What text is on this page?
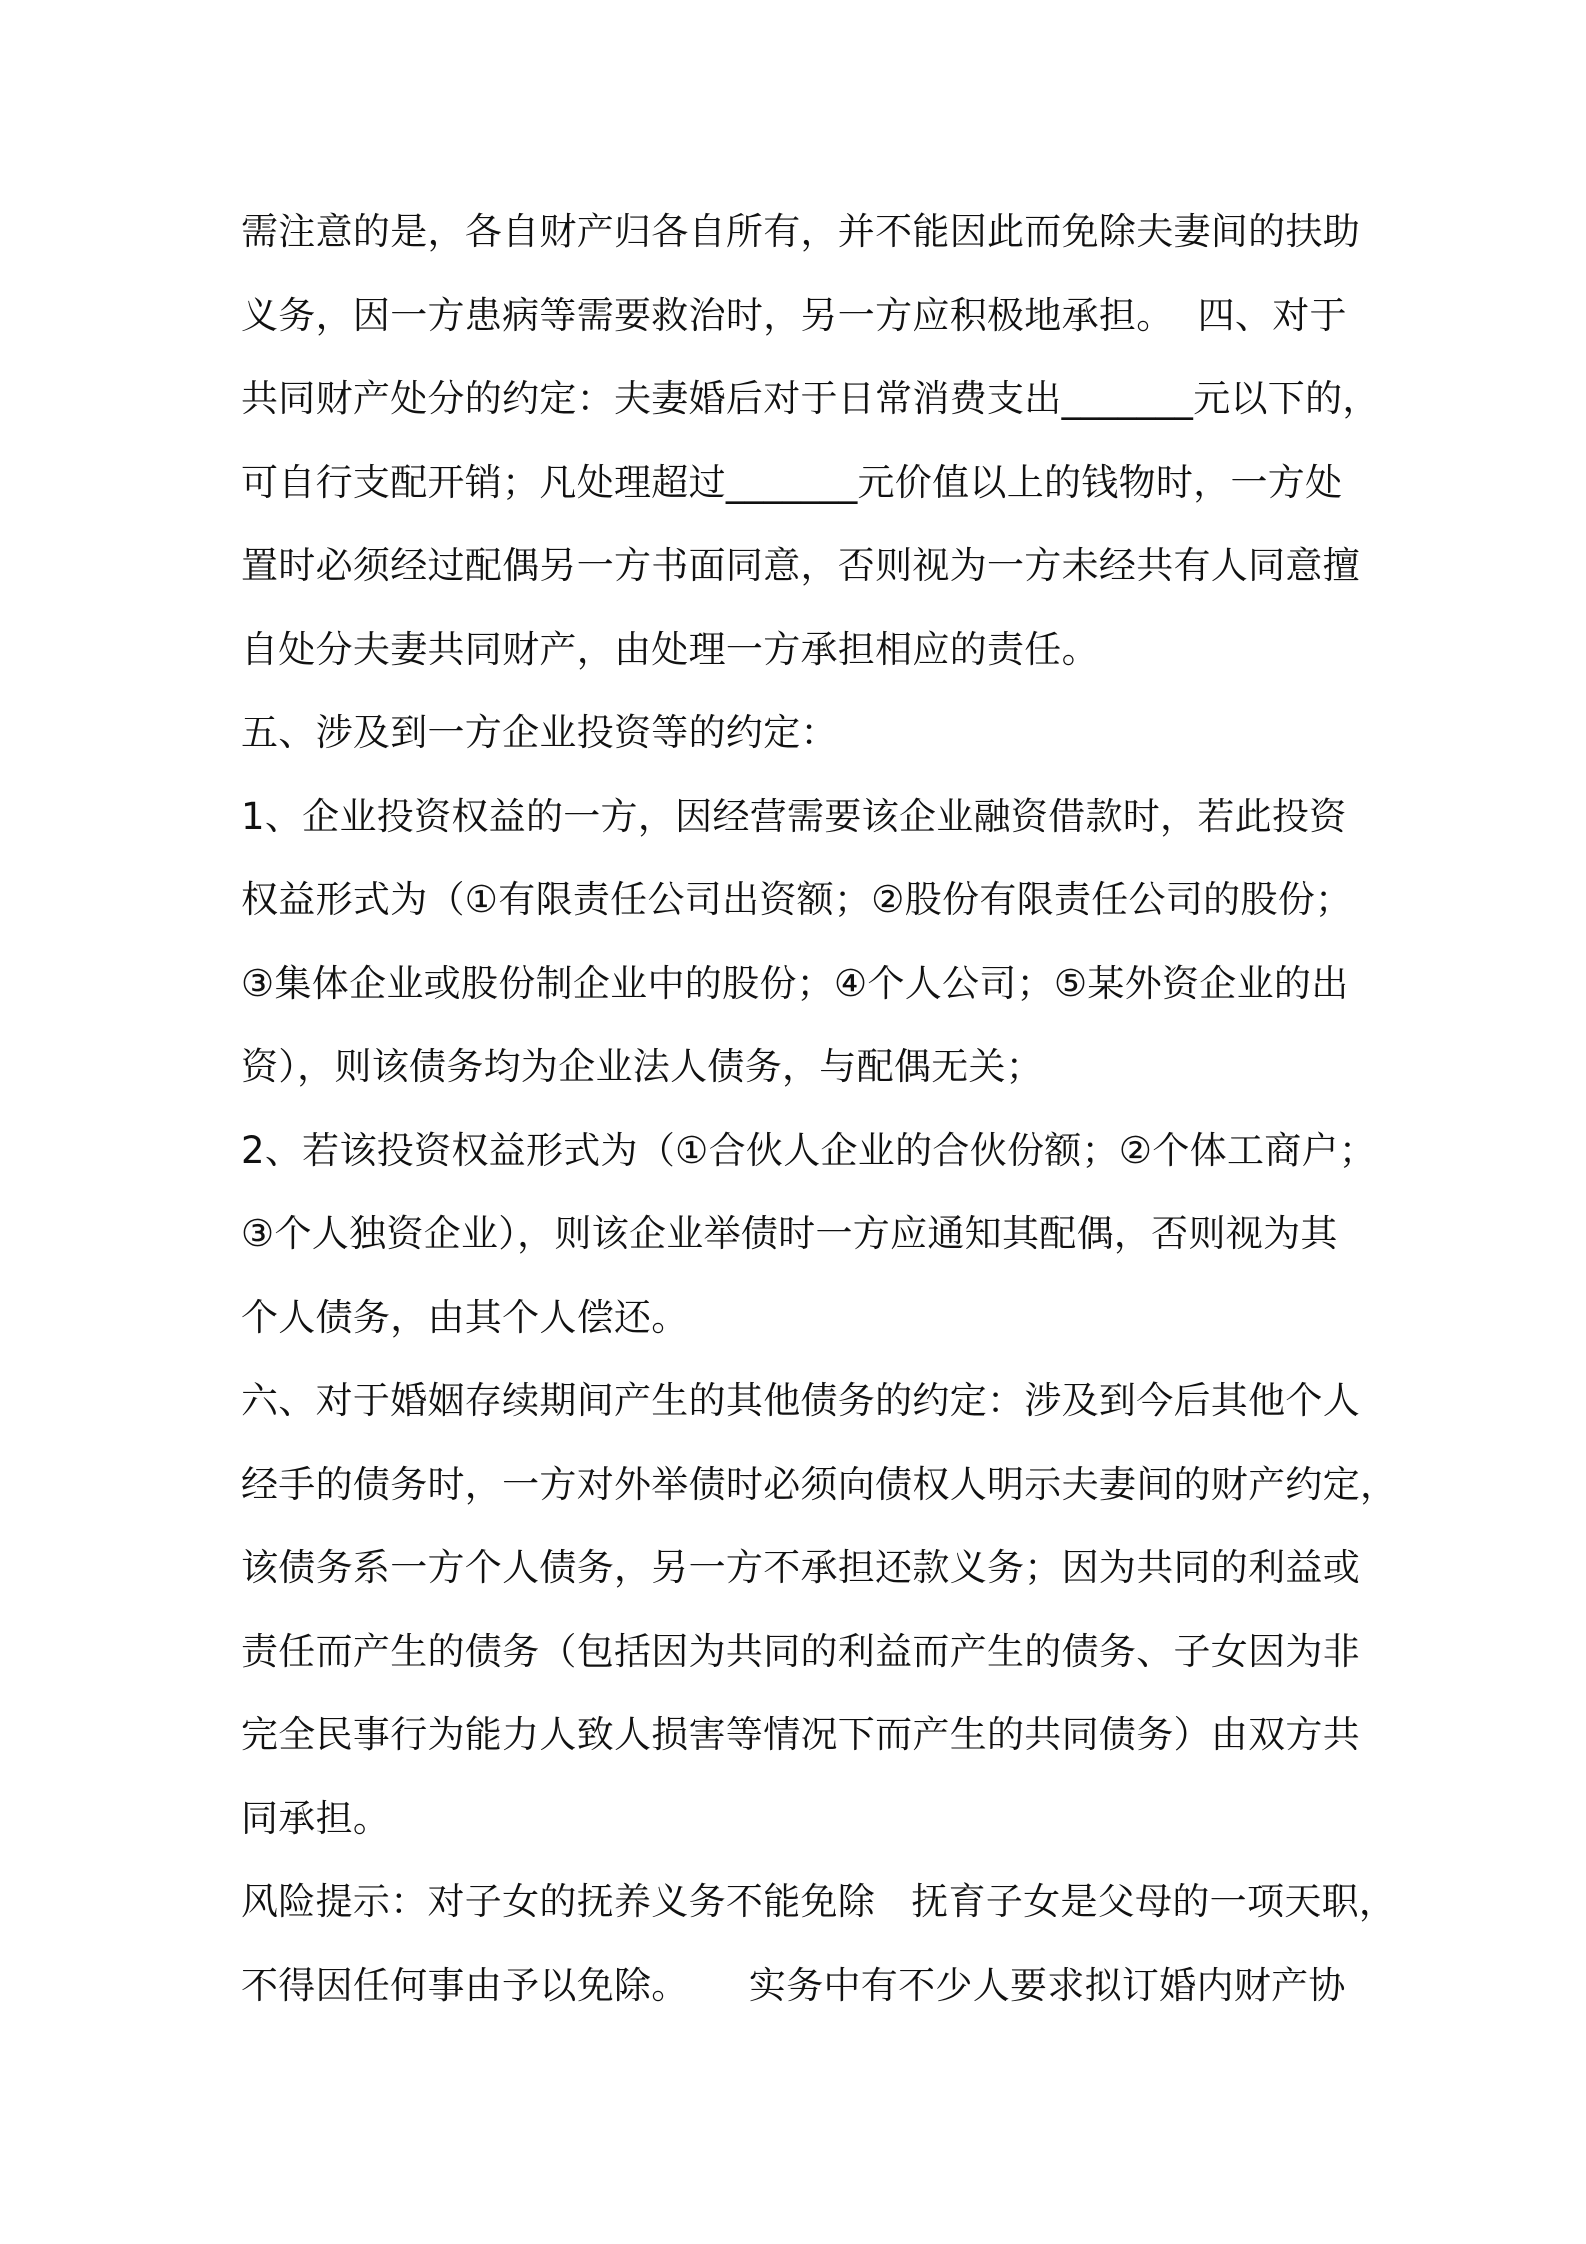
需注意的是，各自财产归各自所有，并不能因此而免除夫妻间的扶助
义务，因一方患病等需要救治时，另一方应积极地承担。  四、对于
共同财产处分的约定：夫妻婚后对于日常消费支出_______元以下的，
可自行支配开销；凡处理超过_______元价值以上的钱物时，一方处
置时必须经过配偶另一方书面同意，否则视为一方未经共有人同意擅
自处分夫妻共同财产，由处理一方承担相应的责任。
五、涉及到一方企业投资等的约定：
1、企业投资权益的一方，因经营需要该企业融资借款时，若此投资
权益形式为（①有限责任公司出资额；②股份有限责任公司的股份；
③集体企业或股份制企业中的股份；④个人公司；⑤某外资企业的出
资），则该债务均为企业法人债务，与配偶无关；
2、若该投资权益形式为（①合伙人企业的合伙份额；②个体工商户；
③个人独资企业），则该企业举债时一方应通知其配偶，否则视为其
个人债务，由其个人偿还。
六、对于婚姻存续期间产生的其他债务的约定：涉及到今后其他个人
经手的债务时，一方对外举债时必须向债权人明示夫妻间的财产约定，
该债务系一方个人债务，另一方不承担还款义务；因为共同的利益或
责任而产生的债务（包括因为共同的利益而产生的债务、子女因为非
完全民事行为能力人致人损害等情况下而产生的共同债务）由双方共
同承担。
风险提示：对子女的抚养义务不能免除   抚育子女是父母的一项天职，
不得因任何事由予以免除。     实务中有不少人要求拟订婚内财产协
